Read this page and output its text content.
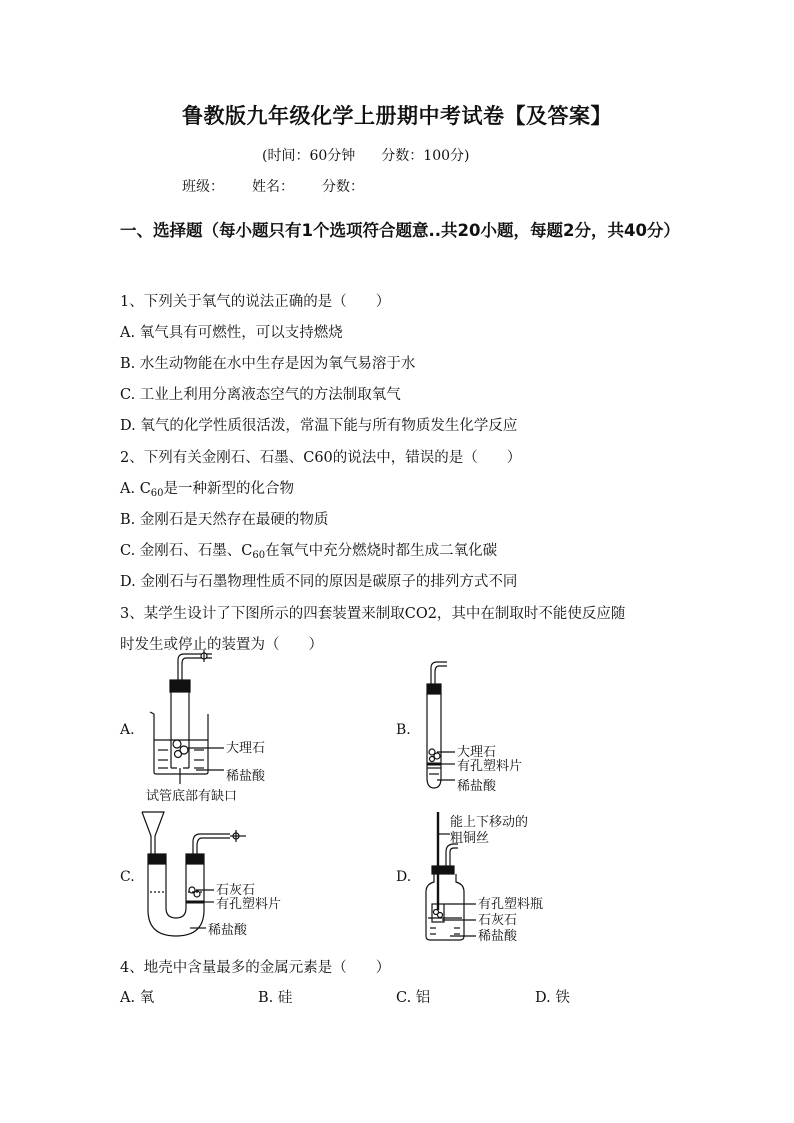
鲁教版九年级化学上册期中考试卷【及答案】
(时间：60分钟 分数：100分)
班级： 姓名： 分数：
一、选择题（每小题只有1个选项符合题意..共20小题，每题2分，共40分）
1、下列关于氧气的说法正确的是（　　）
A. 氧气具有可燃性，可以支持燃烧
B. 水生动物能在水中生存是因为氧气易溶于水
C. 工业上利用分离液态空气的方法制取氧气
D. 氧气的化学性质很活泼，常温下能与所有物质发生化学反应
2、下列有关金刚石、石墨、C60的说法中，错误的是（　　）
A. $C_{60}$是一种新型的化合物
B. 金刚石是天然存在最硬的物质
C. 金刚石、石墨、$C_{60}$在氧气中充分燃烧时都生成二氧化碳
D. 金刚石与石墨物理性质不同的原因是碳原子的排列方式不同
3、某学生设计了下图所示的四套装置来制取CO2，其中在制取时不能使反应随
时发生或停止的装置为（　　）
A.	B.
C.	D.
大理石
稀盐酸
试管底部有缺口
大理石
有孔塑料片
稀盐酸
石灰石
有孔塑料片
稀盐酸
能上下移动的
粗铜丝
有孔塑料瓶
石灰石
稀盐酸
4、地壳中含量最多的金属元素是（　　）
A. 氧	B. 硅	C. 铝	D. 铁
